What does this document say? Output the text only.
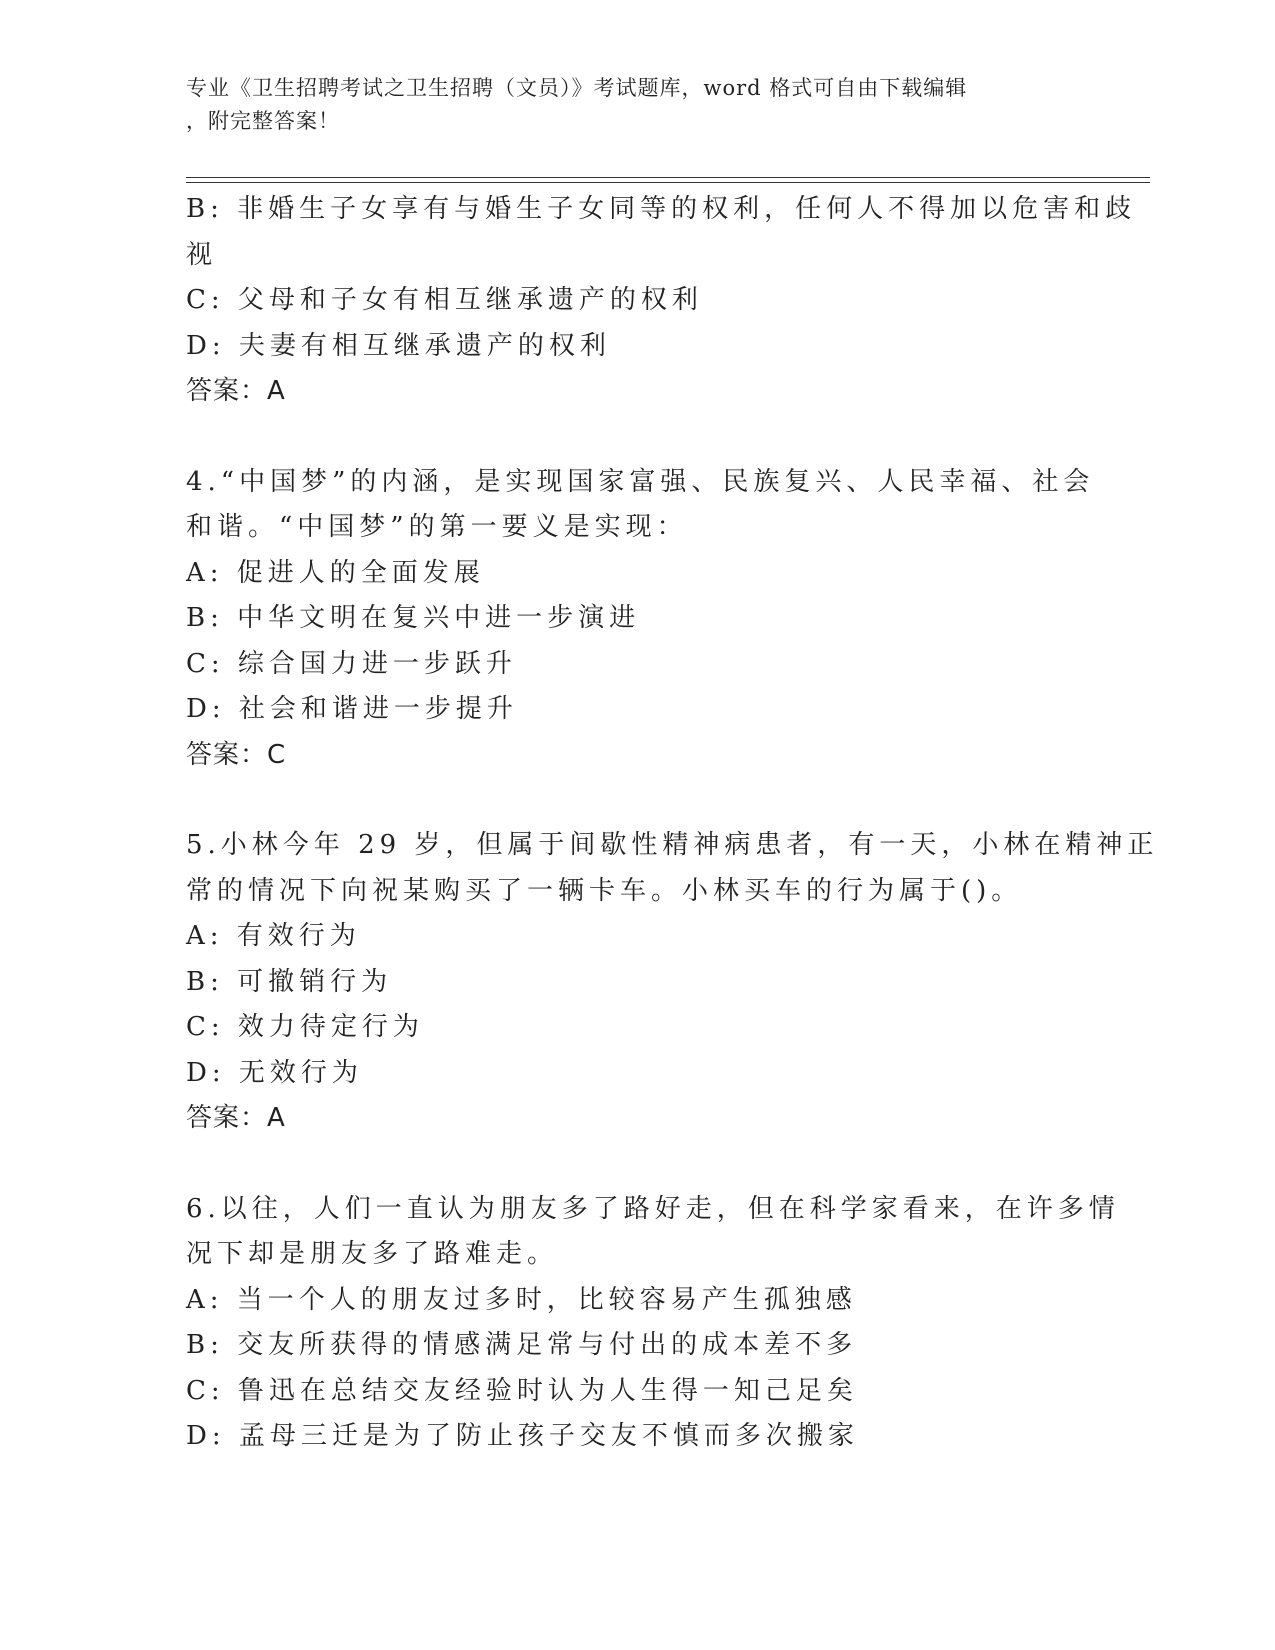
专业《卫生招聘考试之卫生招聘（文员）》考试题库，word 格式可自由下载编辑
，附完整答案！
B: 非婚生子女享有与婚生子女同等的权利，任何人不得加以危害和歧
视
C: 父母和子女有相互继承遗产的权利
D: 夫妻有相互继承遗产的权利
答案：A
4.“中国梦”的内涵，是实现国家富强、民族复兴、人民幸福、社会
和谐。“中国梦”的第一要义是实现：
A: 促进人的全面发展
B: 中华文明在复兴中进一步演进
C: 综合国力进一步跃升
D: 社会和谐进一步提升
答案：C
5.小林今年 29 岁，但属于间歇性精神病患者，有一天，小林在精神正
常的情况下向祝某购买了一辆卡车。小林买车的行为属于()。
A: 有效行为
B: 可撤销行为
C: 效力待定行为
D: 无效行为
答案：A
6.以往，人们一直认为朋友多了路好走，但在科学家看来，在许多情
况下却是朋友多了路难走。
A: 当一个人的朋友过多时，比较容易产生孤独感
B: 交友所获得的情感满足常与付出的成本差不多
C: 鲁迅在总结交友经验时认为人生得一知己足矣
D: 孟母三迁是为了防止孩子交友不慎而多次搬家
